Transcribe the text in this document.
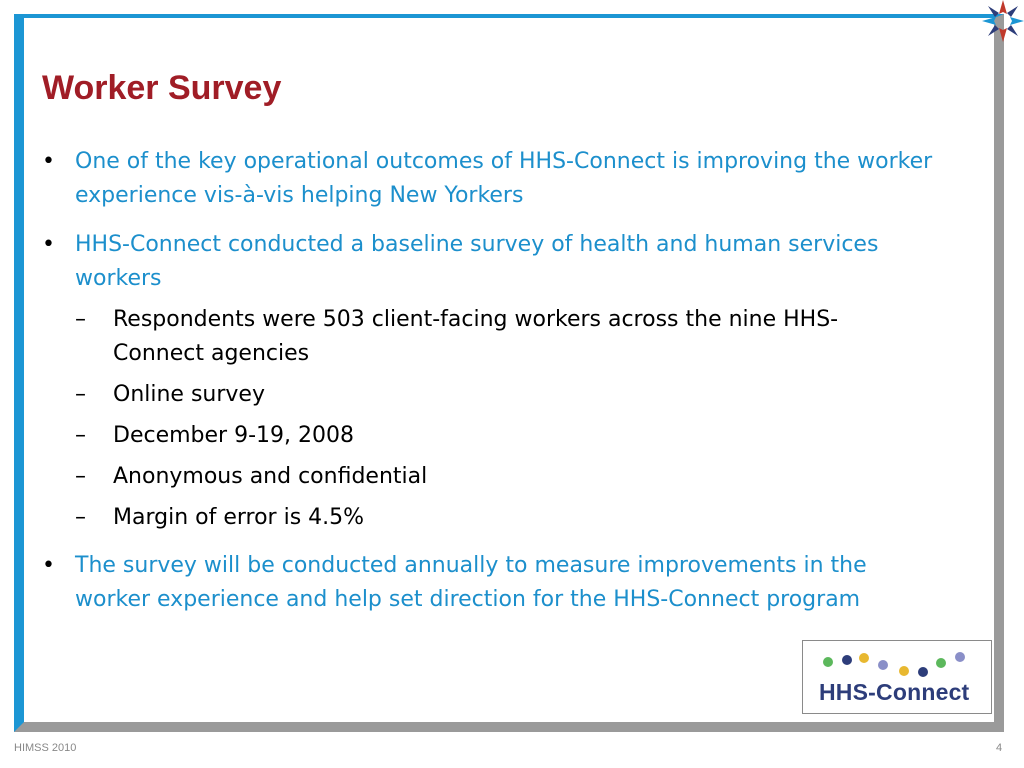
Worker Survey
• One of the key operational outcomes of HHS-Connect is improving the worker experience vis-à-vis helping New Yorkers
• HHS-Connect conducted a baseline survey of health and human services workers
– Respondents were 503 client-facing workers across the nine HHS-Connect agencies
– Online survey
– December 9-19, 2008
– Anonymous and confidential
– Margin of error is 4.5%
• The survey will be conducted annually to measure improvements in the worker experience and help set direction for the HHS-Connect program
HHS-Connect
HIMSS 2010	4
